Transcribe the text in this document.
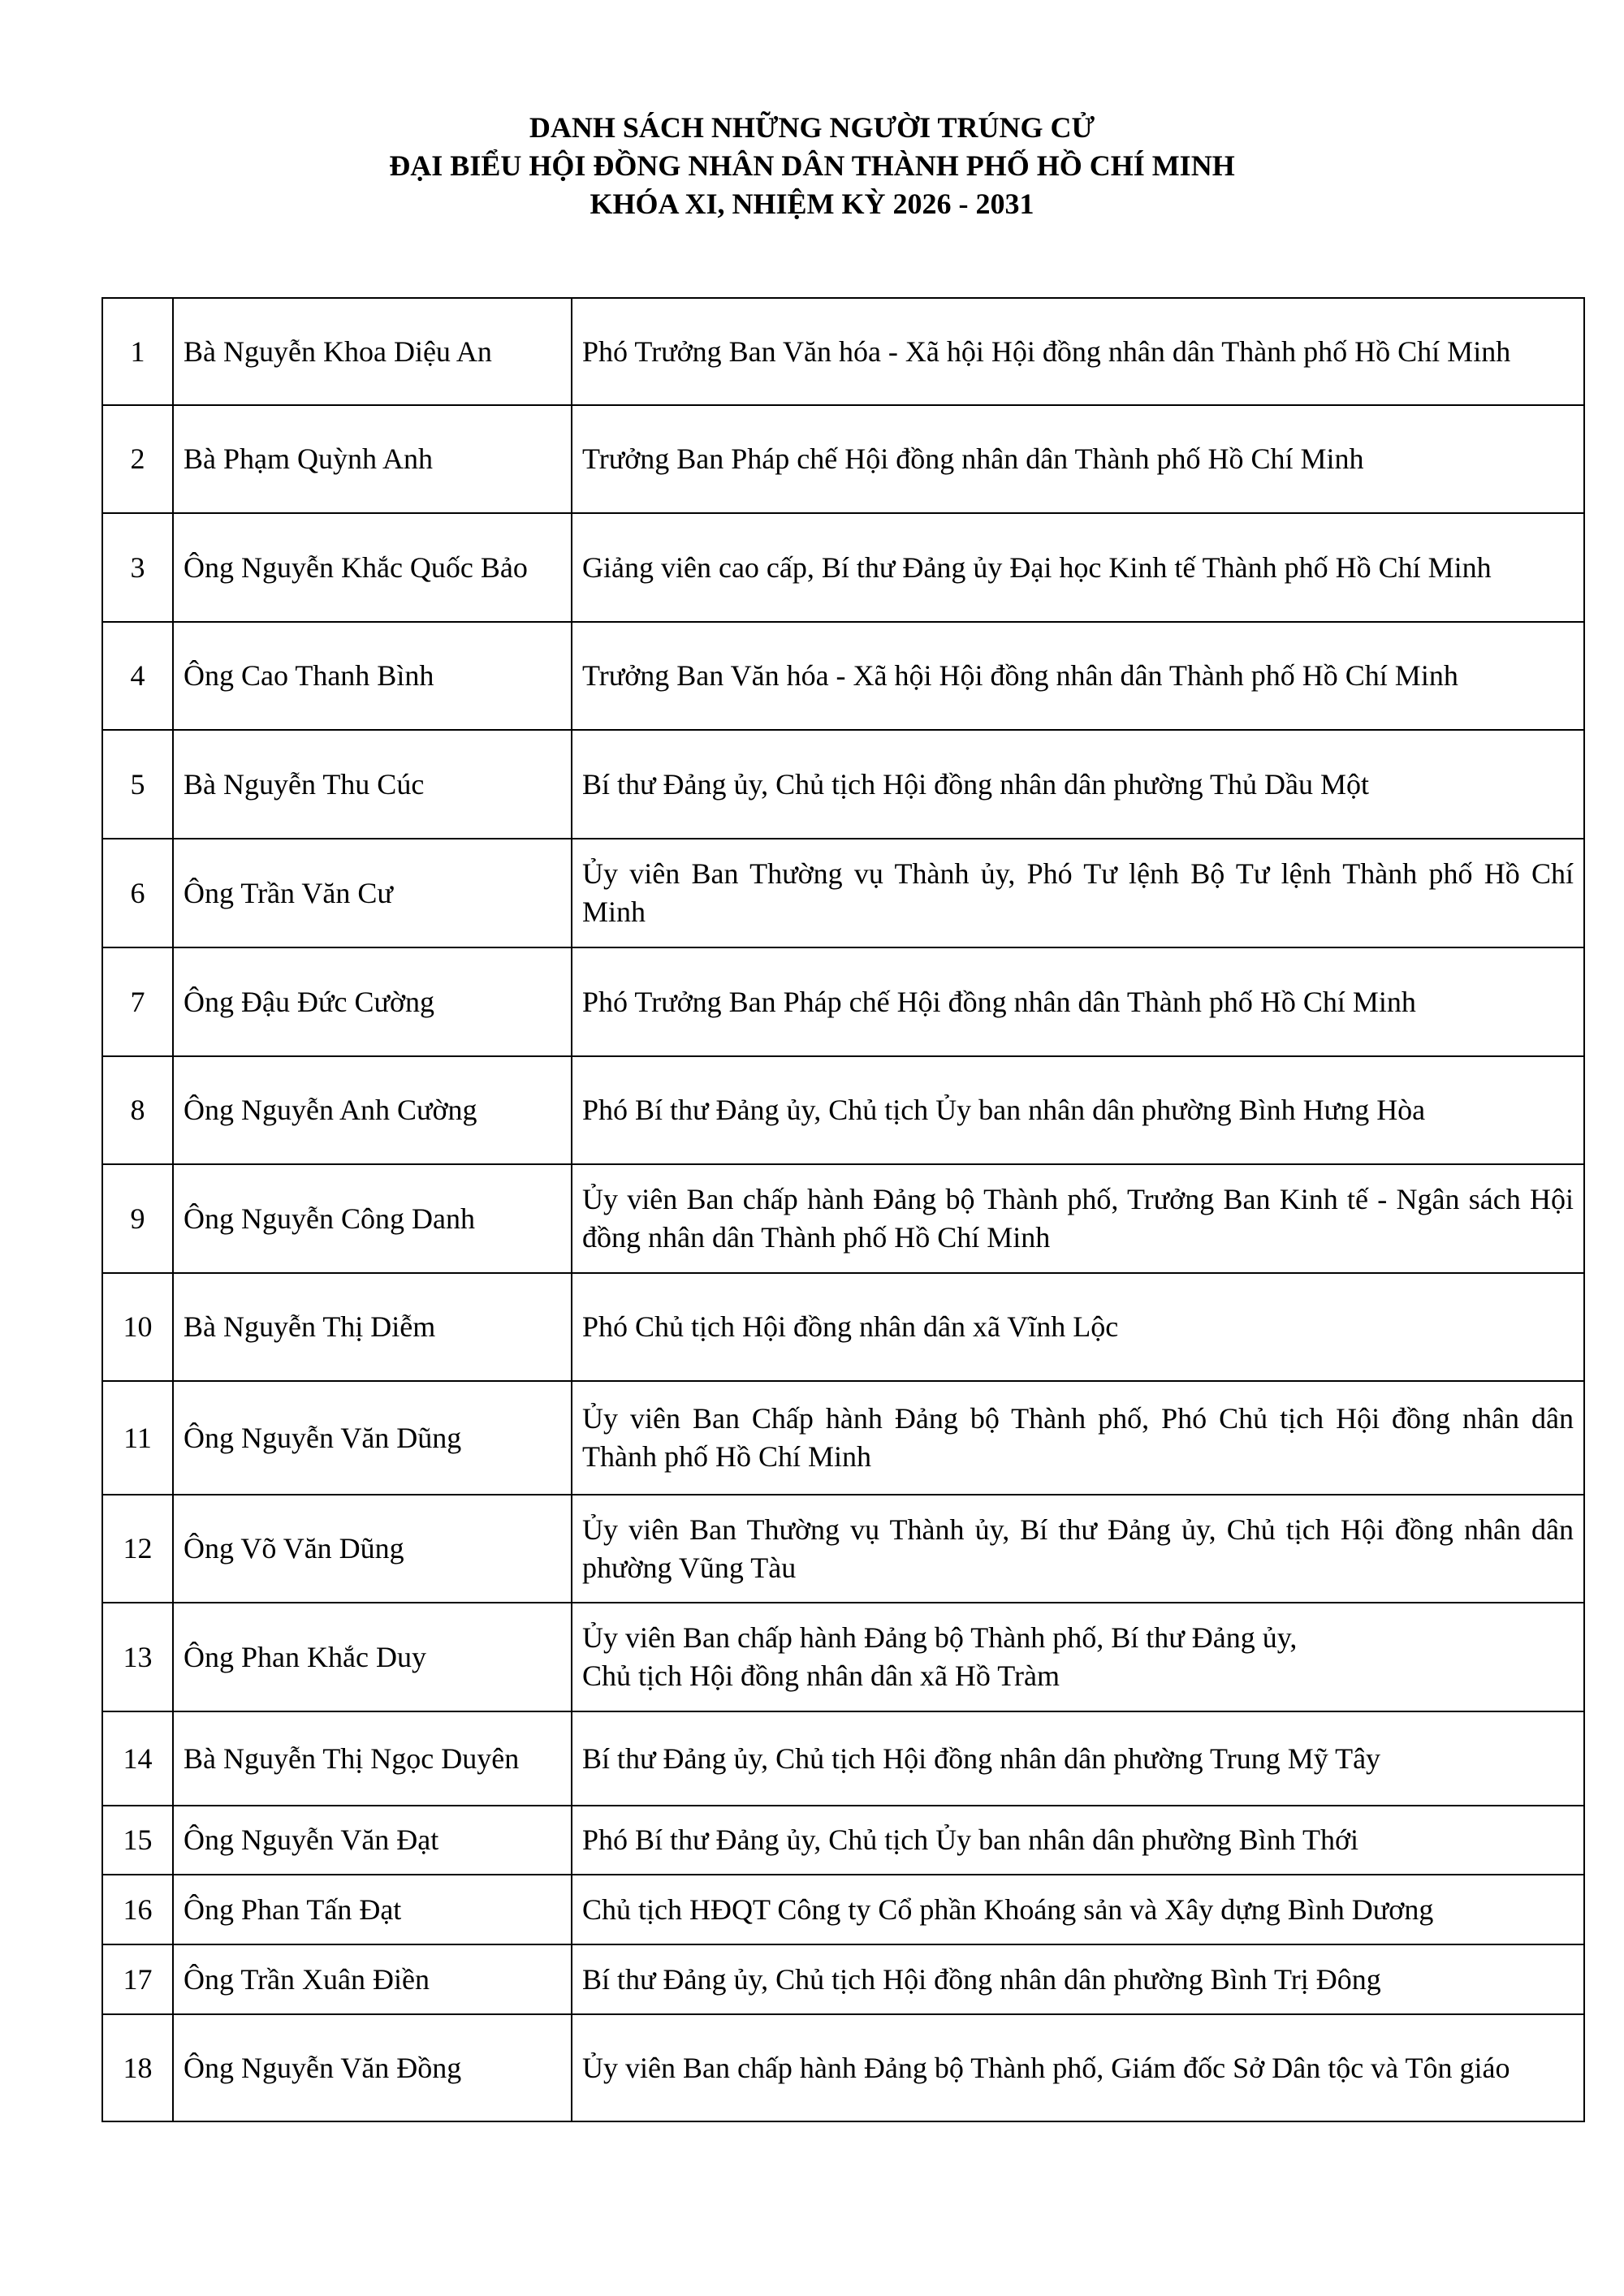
DANH SÁCH NHỮNG NGƯỜI TRÚNG CỬ
ĐẠI BIỂU HỘI ĐỒNG NHÂN DÂN THÀNH PHỐ HỒ CHÍ MINH
KHÓA XI, NHIỆM KỲ 2026 - 2031
1	Bà Nguyễn Khoa Diệu An	Phó Trưởng Ban Văn hóa - Xã hội Hội đồng nhân dân Thành phố Hồ Chí Minh
2	Bà Phạm Quỳnh Anh	Trưởng Ban Pháp chế Hội đồng nhân dân Thành phố Hồ Chí Minh
3	Ông Nguyễn Khắc Quốc Bảo	Giảng viên cao cấp, Bí thư Đảng ủy Đại học Kinh tế Thành phố Hồ Chí Minh
4	Ông Cao Thanh Bình	Trưởng Ban Văn hóa - Xã hội Hội đồng nhân dân Thành phố Hồ Chí Minh
5	Bà Nguyễn Thu Cúc	Bí thư Đảng ủy, Chủ tịch Hội đồng nhân dân phường Thủ Dầu Một
6	Ông Trần Văn Cư	Ủy viên Ban Thường vụ Thành ủy, Phó Tư lệnh Bộ Tư lệnh Thành phố Hồ Chí Minh
7	Ông Đậu Đức Cường	Phó Trưởng Ban Pháp chế Hội đồng nhân dân Thành phố Hồ Chí Minh
8	Ông Nguyễn Anh Cường	Phó Bí thư Đảng ủy, Chủ tịch Ủy ban nhân dân phường Bình Hưng Hòa
9	Ông Nguyễn Công Danh	Ủy viên Ban chấp hành Đảng bộ Thành phố, Trưởng Ban Kinh tế - Ngân sách Hội đồng nhân dân Thành phố Hồ Chí Minh
10	Bà Nguyễn Thị Diễm	Phó Chủ tịch Hội đồng nhân dân xã Vĩnh Lộc
11	Ông Nguyễn Văn Dũng	Ủy viên Ban Chấp hành Đảng bộ Thành phố, Phó Chủ tịch Hội đồng nhân dân Thành phố Hồ Chí Minh
12	Ông Võ Văn Dũng	Ủy viên Ban Thường vụ Thành ủy, Bí thư Đảng ủy, Chủ tịch Hội đồng nhân dân phường Vũng Tàu
13	Ông Phan Khắc Duy	Ủy viên Ban chấp hành Đảng bộ Thành phố, Bí thư Đảng ủy,
Chủ tịch Hội đồng nhân dân xã Hồ Tràm

14	Bà Nguyễn Thị Ngọc Duyên	Bí thư Đảng ủy, Chủ tịch Hội đồng nhân dân phường Trung Mỹ Tây
15	Ông Nguyễn Văn Đạt	Phó Bí thư Đảng ủy, Chủ tịch Ủy ban nhân dân phường Bình Thới
16	Ông Phan Tấn Đạt	Chủ tịch HĐQT Công ty Cổ phần Khoáng sản và Xây dựng Bình Dương
17	Ông Trần Xuân Điền	Bí thư Đảng ủy, Chủ tịch Hội đồng nhân dân phường Bình Trị Đông
18	Ông Nguyễn Văn Đồng	Ủy viên Ban chấp hành Đảng bộ Thành phố, Giám đốc Sở Dân tộc và Tôn giáo
